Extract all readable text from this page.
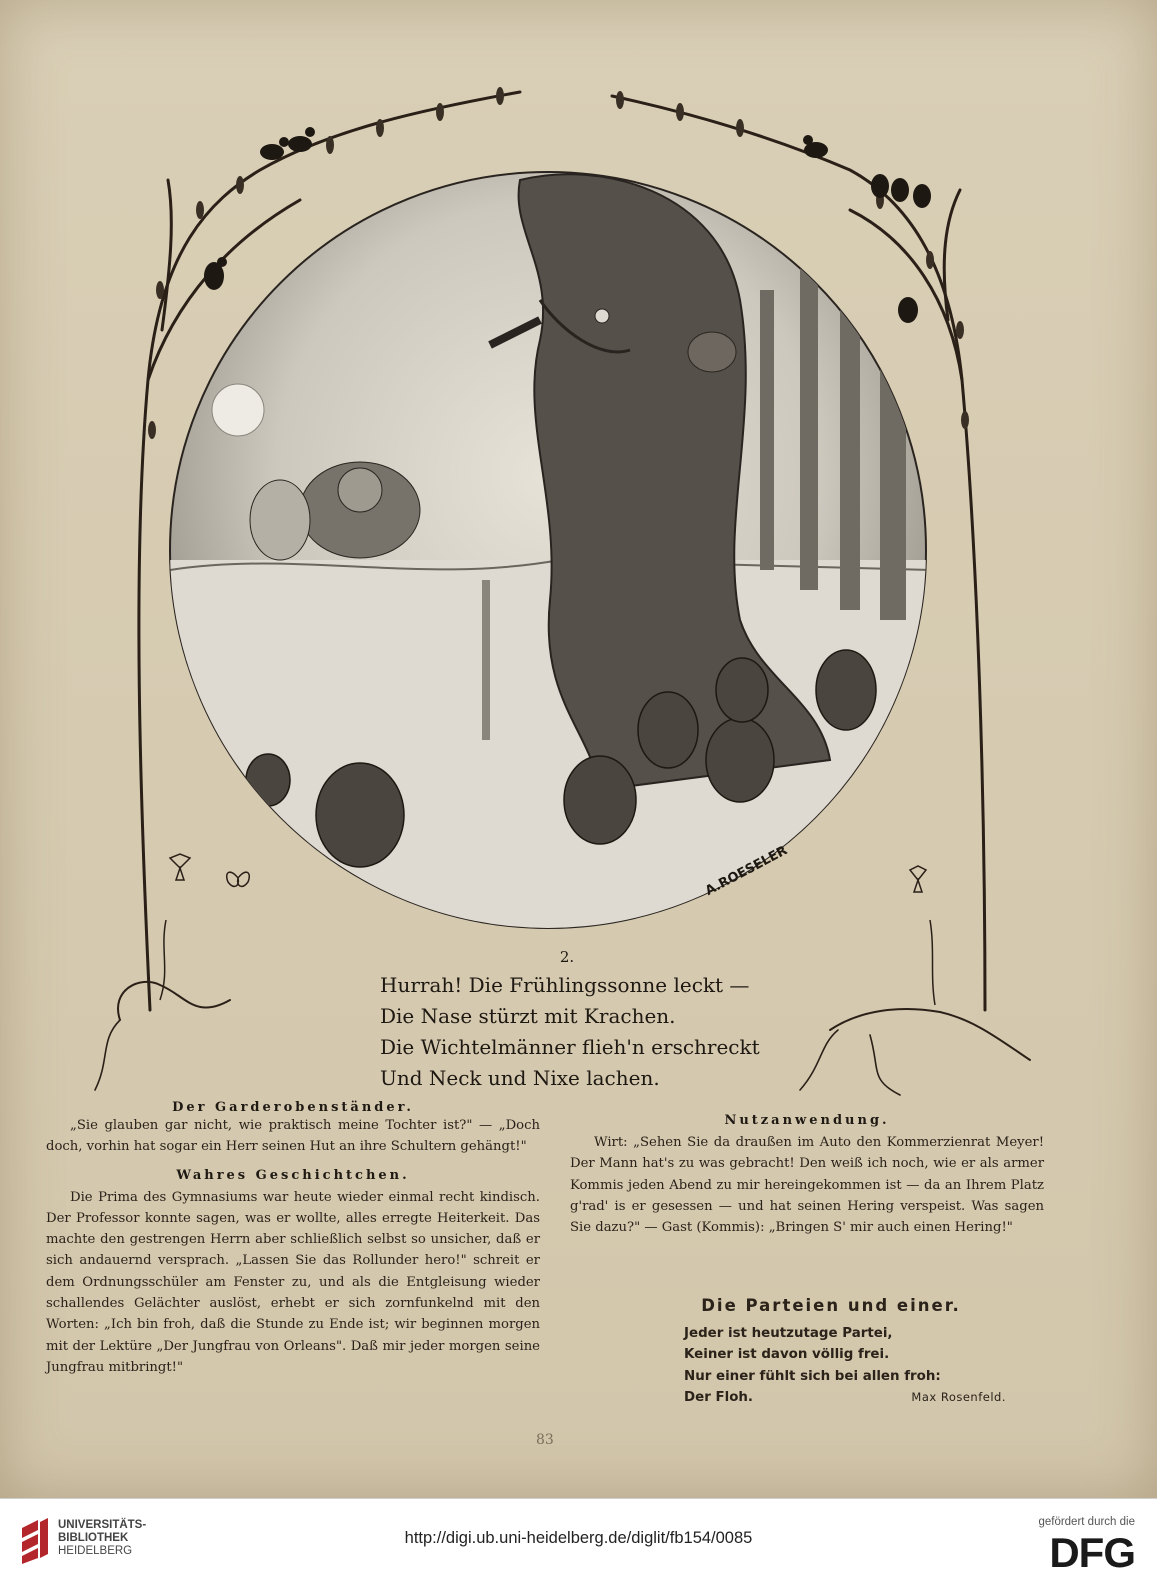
A.ROESELER
2.
Hurrah! Die Frühlingssonne leckt —
Die Nase stürzt mit Krachen.
Die Wichtelmänner flieh'n erschreckt
Und Neck und Nixe lachen.
Der Garderobenständer.
„Sie glauben gar nicht, wie praktisch meine Tochter ist?" — „Doch doch, vorhin hat sogar ein Herr seinen Hut an ihre Schultern gehängt!"
Wahres Geschichtchen.
Die Prima des Gymnasiums war heute wieder einmal recht kindisch. Der Professor konnte sagen, was er wollte, alles erregte Heiterkeit. Das machte den gestrengen Herrn aber schließlich selbst so unsicher, daß er sich andauernd versprach. „Lassen Sie das Rollunder hero!" schreit er dem Ordnungsschüler am Fenster zu, und als die Entgleisung wieder schallendes Gelächter auslöst, erhebt er sich zornfunkelnd mit den Worten: „Ich bin froh, daß die Stunde zu Ende ist; wir beginnen morgen mit der Lektüre „Der Jungfrau von Orleans". Daß mir jeder morgen seine Jungfrau mitbringt!"
Nutzanwendung.
Wirt: „Sehen Sie da draußen im Auto den Kommerzienrat Meyer! Der Mann hat's zu was gebracht! Den weiß ich noch, wie er als armer Kommis jeden Abend zu mir hereingekommen ist — da an Ihrem Platz g'rad' is er gesessen — und hat seinen Hering verspeist. Was sagen Sie dazu?" — Gast (Kommis): „Bringen S' mir auch einen Hering!"
Die Parteien und einer.
Jeder ist heutzutage Partei,
Keiner ist davon völlig frei.
Nur einer fühlt sich bei allen froh:
Der Floh.	Max Rosenfeld.
83
UNIVERSITÄTS-
BIBLIOTHEK
HEIDELBERG
http://digi.ub.uni-heidelberg.de/diglit/fb154/0085
gefördert durch die
DFG
